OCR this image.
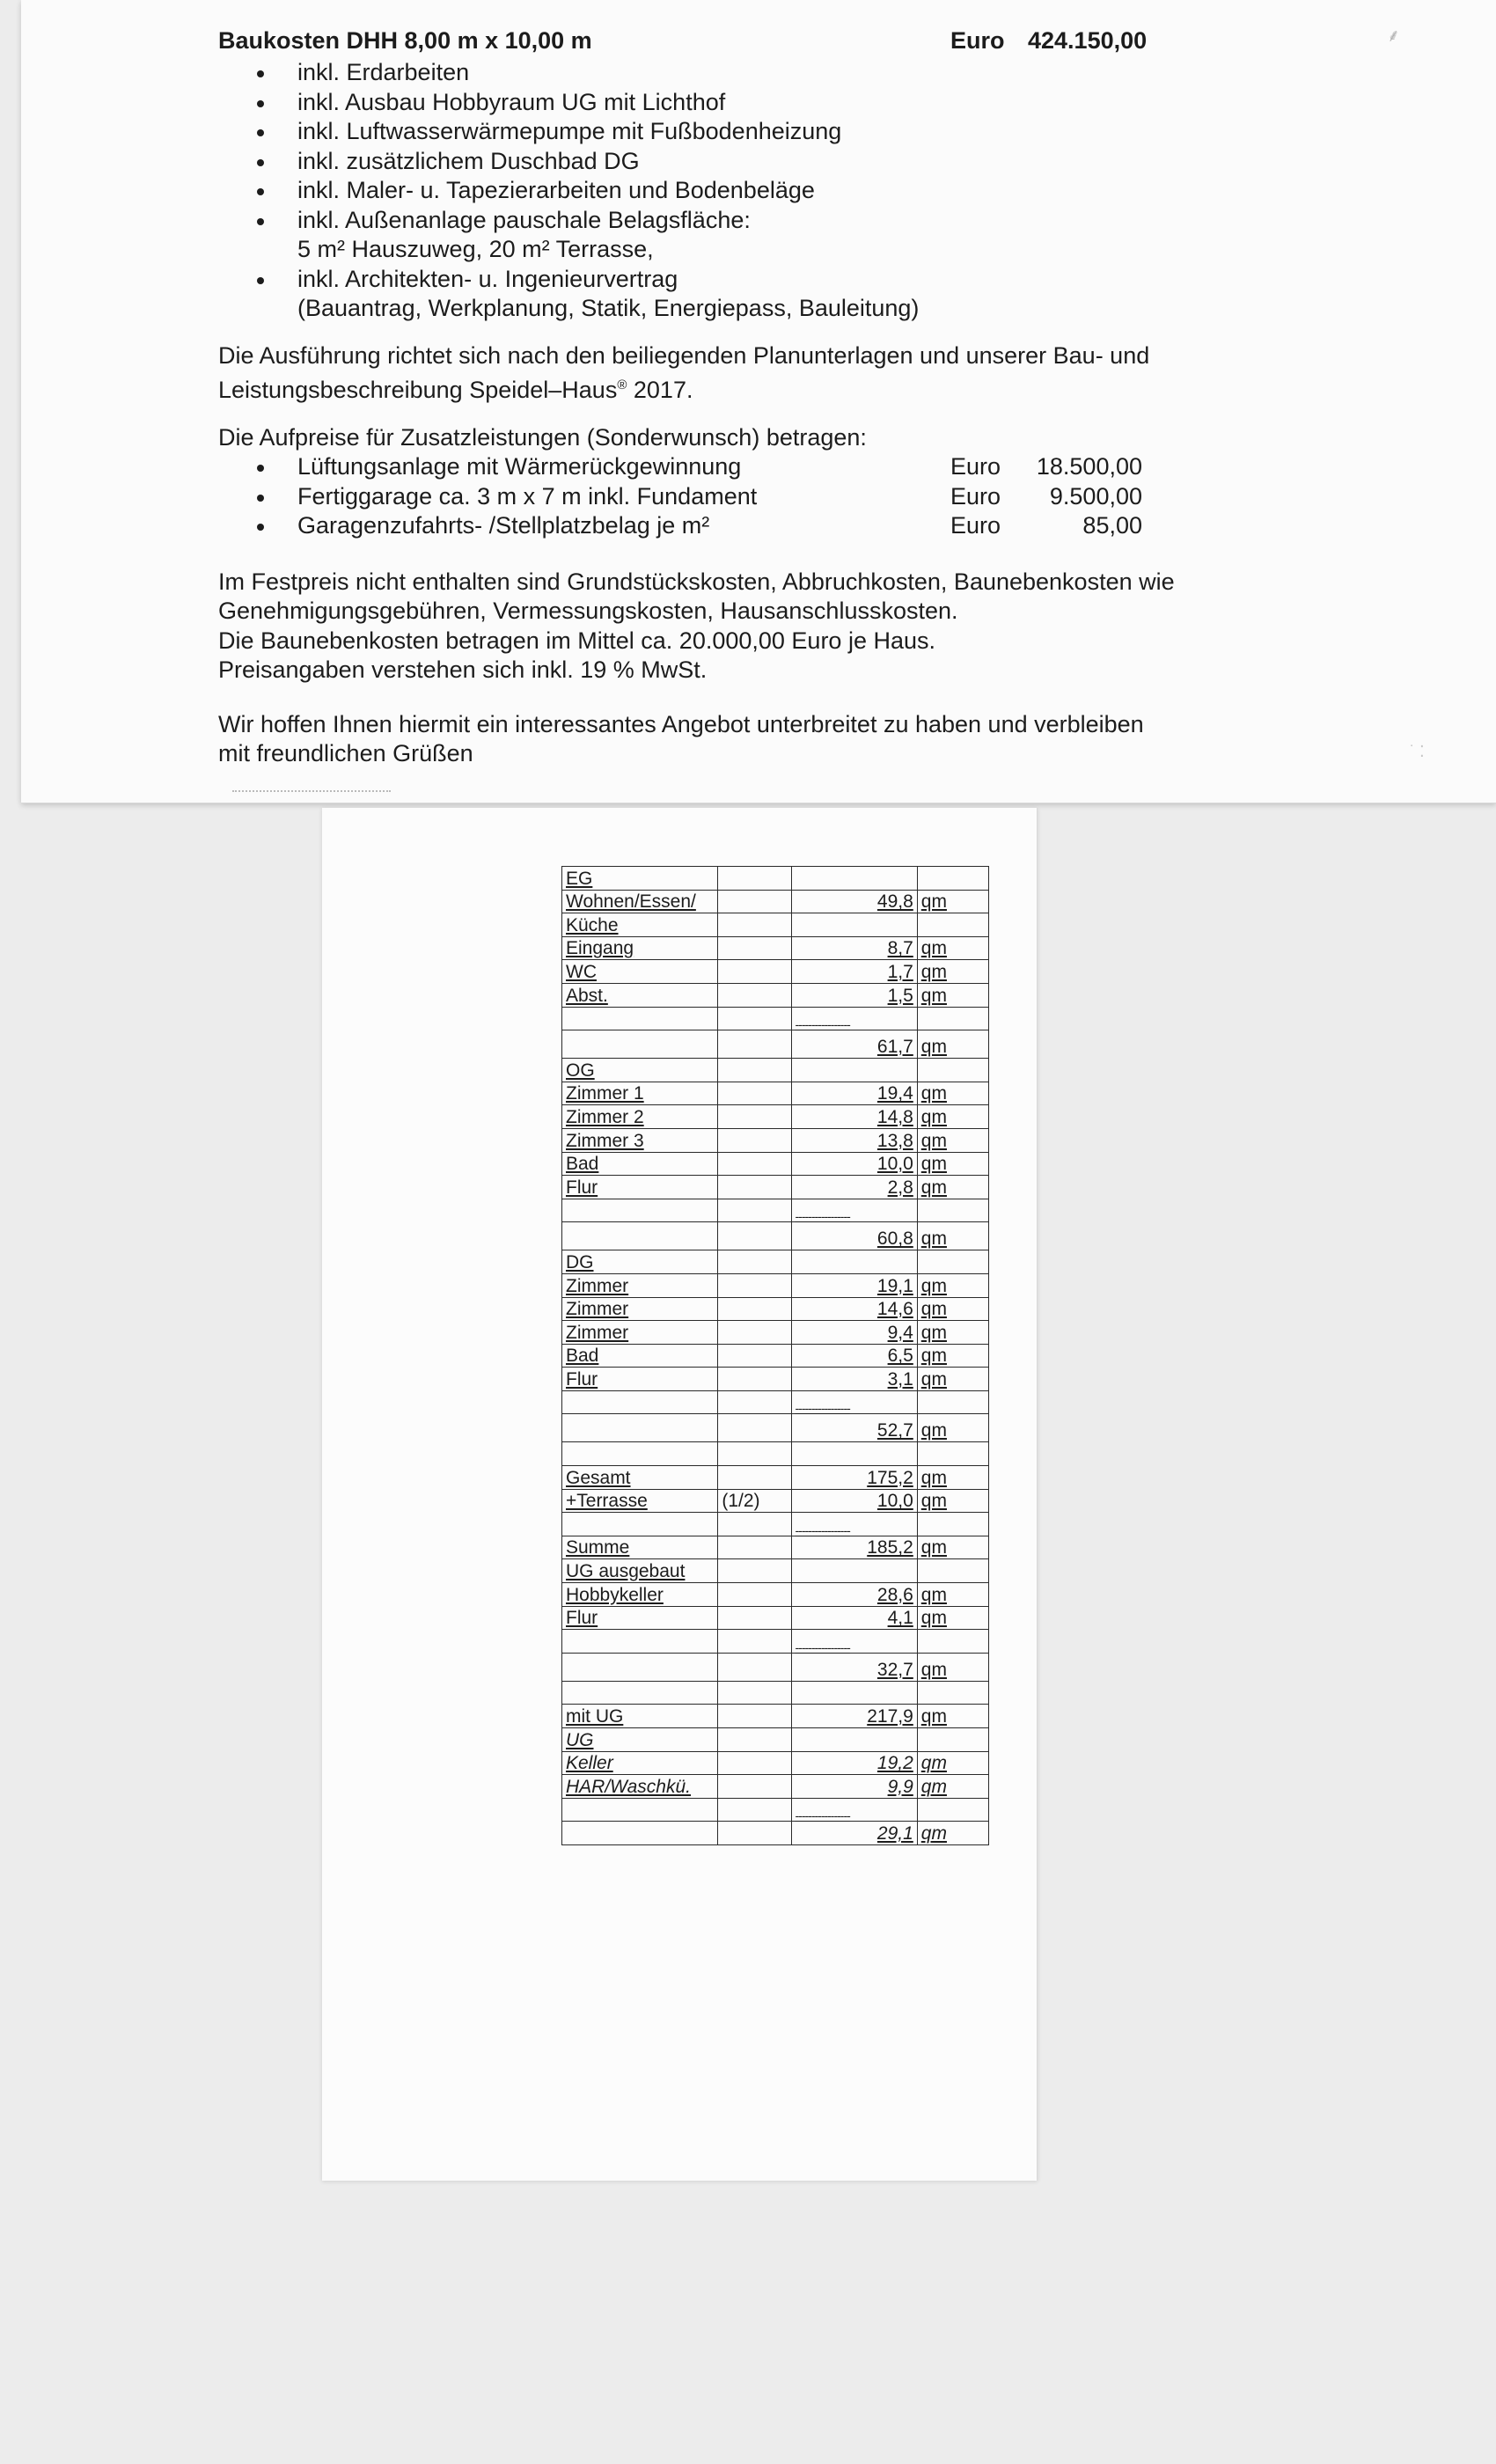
⸙
˙ ⁚
Baukosten DHH 8,00 m x 10,00 m	Euro 424.150,00
inkl. Erdarbeiten
inkl. Ausbau Hobbyraum UG mit Lichthof
inkl. Luftwasserwärmepumpe mit Fußbodenheizung
inkl. zusätzlichem Duschbad DG
inkl. Maler- u. Tapezierarbeiten und Bodenbeläge
inkl. Außenanlage pauschale Belagsfläche:
5 m² Hauszuweg, 20 m² Terrasse,
inkl. Architekten- u. Ingenieurvertrag
(Bauantrag, Werkplanung, Statik, Energiepass, Bauleitung)
Die Ausführung richtet sich nach den beiliegenden Planunterlagen und unserer Bau- und
Leistungsbeschreibung Speidel–Haus® 2017.
Die Aufpreise für Zusatzleistungen (Sonderwunsch) betragen:
Lüftungsanlage mit Wärmerückgewinnung	Euro 18.500,00
Fertiggarage ca. 3 m x 7 m inkl. Fundament	Euro 9.500,00
Garagenzufahrts- /Stellplatzbelag je m²	Euro	85,00
Im Festpreis nicht enthalten sind Grundstückskosten, Abbruchkosten, Baunebenkosten wie
Genehmigungsgebühren, Vermessungskosten, Hausanschlusskosten.
Die Baunebenkosten betragen im Mittel ca. 20.000,00 Euro je Haus.
Preisangaben verstehen sich inkl. 19 % MwSt.
Wir hoffen Ihnen hiermit ein interessantes Angebot unterbreitet zu haben und verbleiben
mit freundlichen Grüßen
EG			
Wohnen/Essen/		49,8	qm
Küche			
Eingang		8,7	qm
WC		1,7	qm
Abst.		1,5	qm

		-----------------	

		61,7	qm
OG			
Zimmer 1		19,4	qm
Zimmer 2		14,8	qm
Zimmer 3		13,8	qm
Bad		10,0	qm
Flur		2,8	qm

		-----------------	

		60,8	qm
DG			
Zimmer		19,1	qm
Zimmer		14,6	qm
Zimmer		9,4	qm
Bad		6,5	qm
Flur		3,1	qm

		-----------------	

		52,7	qm

Gesamt		175,2	qm
+Terrasse	(1/2)	10,0	qm

		-----------------	

Summe		185,2	qm
UG ausgebaut			
Hobbykeller		28,6	qm
Flur		4,1	qm

		-----------------	

		32,7	qm

mit UG		217,9	qm
UG			
Keller		19,2	qm
HAR/Waschkü.		9,9	qm

		-----------------	

		29,1	qm
